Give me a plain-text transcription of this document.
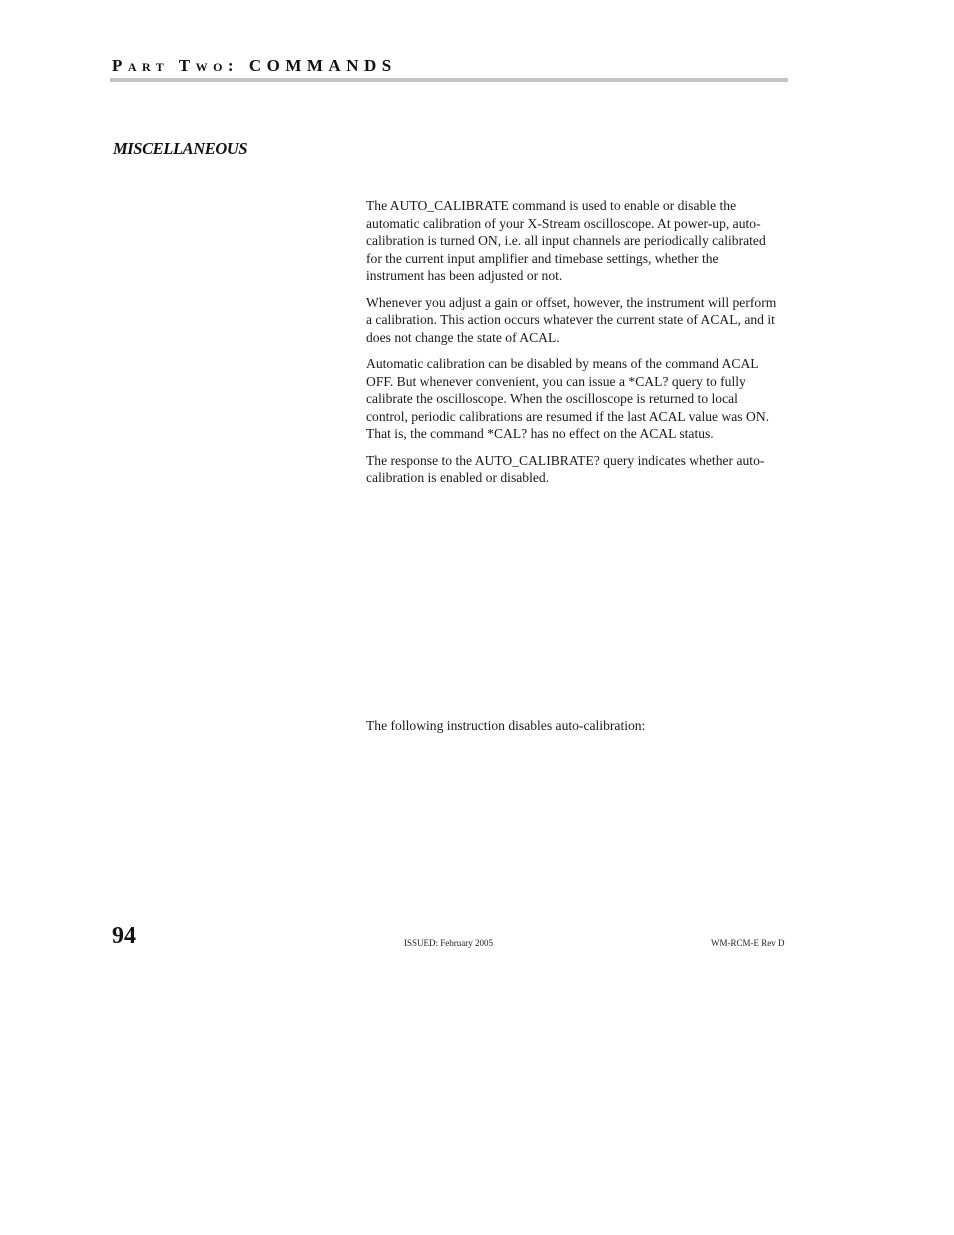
Part Two: COMMANDS
MISCELLANEOUS

The AUTO_CALIBRATE command is used to enable or disable the automatic calibration of your X-Stream oscilloscope. At power-up, auto-calibration is turned ON, i.e. all input channels are periodically calibrated for the current input amplifier and timebase settings, whether the instrument has been adjusted or not.

Whenever you adjust a gain or offset, however, the instrument will perform a calibration. This action occurs whatever the current state of ACAL, and it does not change the state of ACAL.

Automatic calibration can be disabled by means of the command ACAL OFF. But whenever convenient, you can issue a *CAL? query to fully calibrate the oscilloscope. When the oscilloscope is returned to local control, periodic calibrations are resumed if the last ACAL value was ON. That is, the command *CAL? has no effect on the ACAL status.

The response to the AUTO_CALIBRATE? query indicates whether auto-calibration is enabled or disabled.

The following instruction disables auto-calibration:

94	ISSUED: February 2005	WM-RCM-E Rev D
